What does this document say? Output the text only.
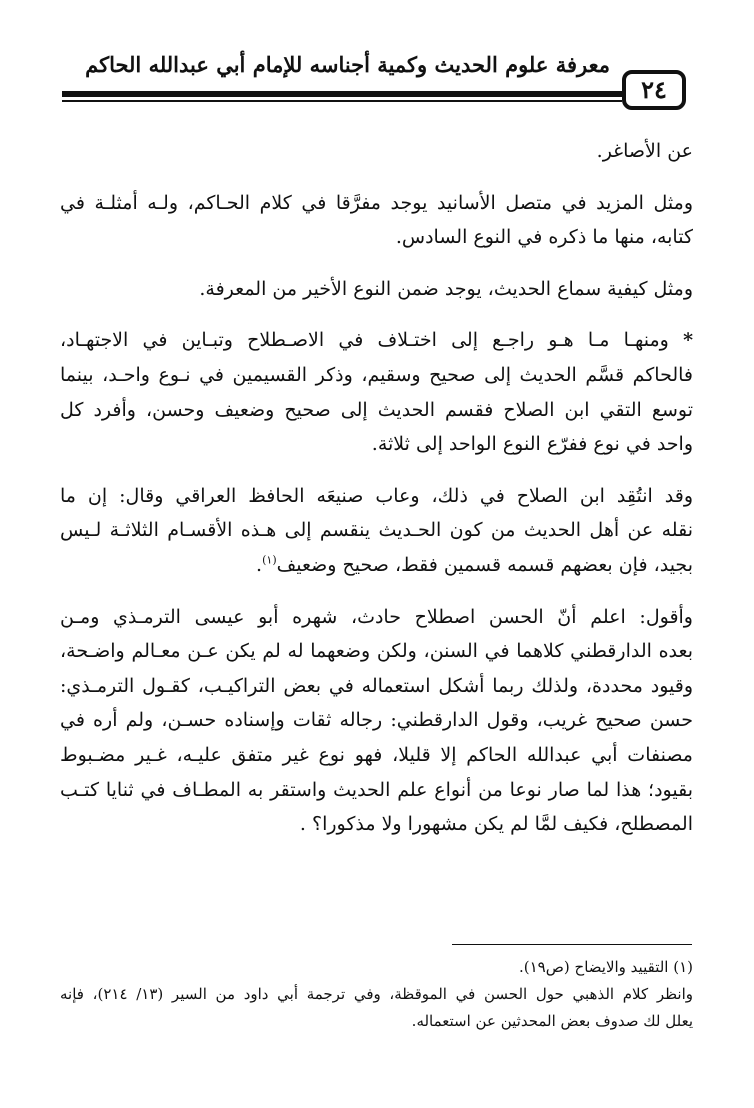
معرفة علوم الحديث وكمية أجناسه للإمام أبي عبدالله الحاكم
٢٤

عن الأصاغر.

ومثل المزيد في متصل الأسانيد يوجد مفرَّقا في كلام الحـاكم، ولـه أمثلـة في

كتابه، منها ما ذكره في النوع السادس.

ومثل كيفية سماع الحديث، يوجد ضمن النوع الأخير من المعرفة.

* ومنهـا مـا هـو راجـع إلى اختـلاف في الاصـطلاح وتبـاين في الاجتهـاد،

فالحاكم قسَّم الحديث إلى صحيح وسقيم، وذكر القسيمين في نـوع واحـد، بينما

توسع التقي ابن الصلاح فقسم الحديث إلى صحيح وضعيف وحسن، وأفرد كل

واحد في نوع ففرّع النوع الواحد إلى ثلاثة.

وقد انتُقِد ابن الصلاح في ذلك، وعاب صنيعَه الحافظ العراقي وقال: إن ما

نقله عن أهل الحديث من كون الحـديث ينقسم إلى هـذه الأقسـام الثلاثـة لـيس

بجيد، فإن بعضهم قسمه قسمين فقط، صحيح وضعيف$^{(١)}$.

وأقول: اعلم أنّ الحسن اصطلاح حادث، شهره أبو عيسى الترمـذي ومـن

بعده الدارقطني كلاهما في السنن، ولكن وضعهما له لم يكن عـن معـالم واضـحة،

وقيود محددة، ولذلك ربما أشكل استعماله في بعض التراكيـب، كقـول الترمـذي:

حسن صحيح غريب، وقول الدارقطني: رجاله ثقات وإسناده حسـن، ولم أره في

مصنفات أبي عبدالله الحاكم إلا قليلا، فهو نوع غير متفق عليـه، غـير مضـبوط

بقيود؛ هذا لما صار نوعا من أنواع علم الحديث واستقر به المطـاف في ثنايا كتـب

المصطلح، فكيف لمَّا لم يكن مشهورا ولا مذكورا؟ .

(١) التقييد والايضاح (ص١٩).

وانظر كلام الذهبي حول الحسن في الموقظة، وفي ترجمة أبي داود من السير (١٣/ ٢١٤)، فإنه

يعلل لك صدوف بعض المحدثين عن استعماله.
